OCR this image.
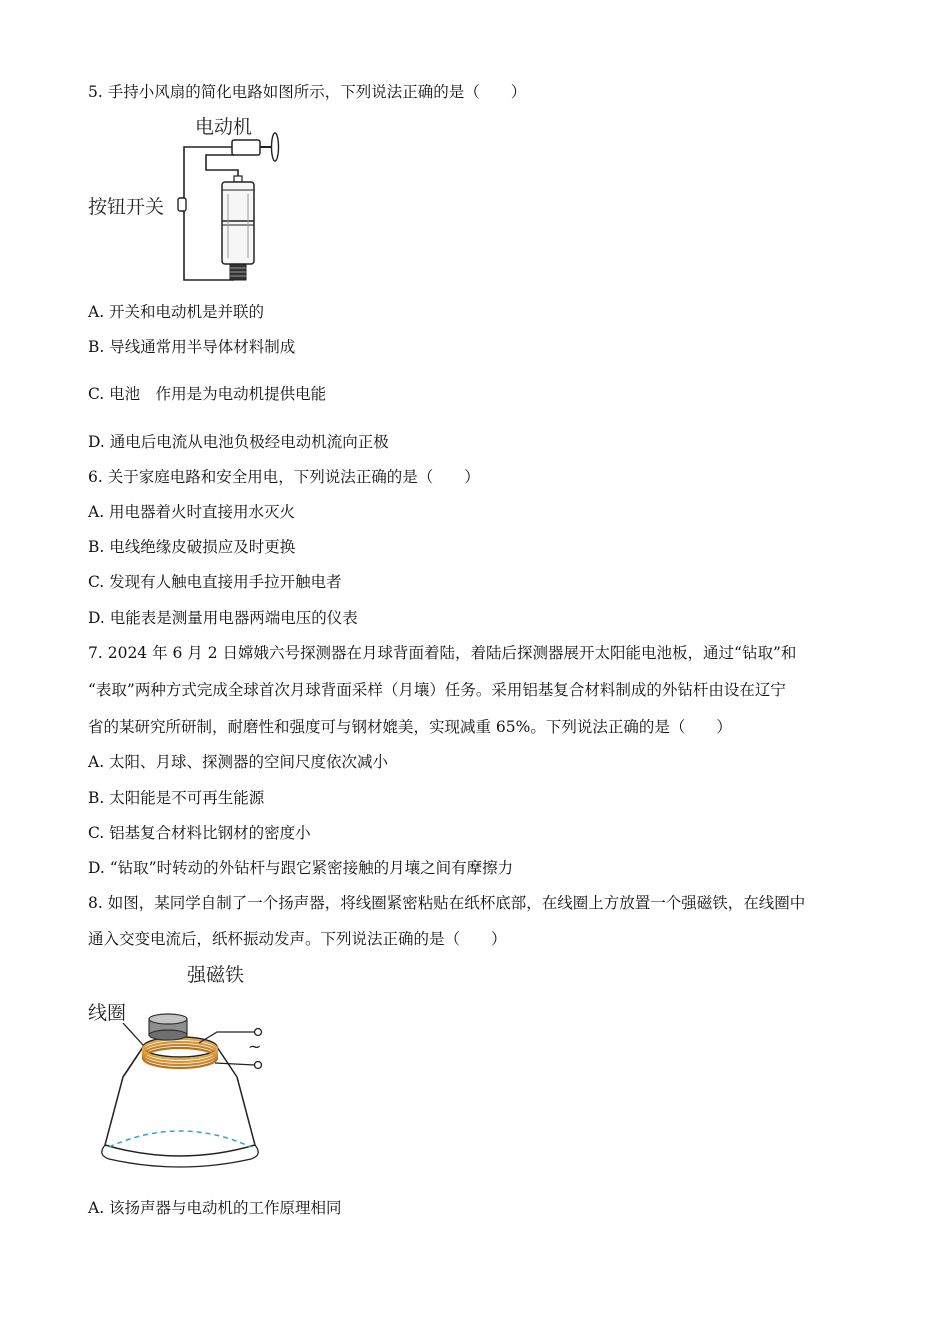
5. 手持小风扇的简化电路如图所示，下列说法正确的是（　　）
电动机
按钮开关
A. 开关和电动机是并联的
B. 导线通常用半导体材料制成
C. 电池　作用是为电动机提供电能
D. 通电后电流从电池负极经电动机流向正极
6. 关于家庭电路和安全用电，下列说法正确的是（　　）
A. 用电器着火时直接用水灭火
B. 电线绝缘皮破损应及时更换
C. 发现有人触电直接用手拉开触电者
D. 电能表是测量用电器两端电压的仪表
7. 2024 年 6 月 2 日嫦娥六号探测器在月球背面着陆，着陆后探测器展开太阳能电池板，通过“钻取”和
“表取”两种方式完成全球首次月球背面采样（月壤）任务。采用铝基复合材料制成的外钻杆由设在辽宁
省的某研究所研制，耐磨性和强度可与钢材媲美，实现减重 65%。下列说法正确的是（　　）
A. 太阳、月球、探测器的空间尺度依次减小
B. 太阳能是不可再生能源
C. 铝基复合材料比钢材的密度小
D. “钻取”时转动的外钻杆与跟它紧密接触的月壤之间有摩擦力
8. 如图，某同学自制了一个扬声器，将线圈紧密粘贴在纸杯底部，在线圈上方放置一个强磁铁，在线圈中
通入交变电流后，纸杯振动发声。下列说法正确的是（　　）
强磁铁
线圈
~
A. 该扬声器与电动机的工作原理相同
